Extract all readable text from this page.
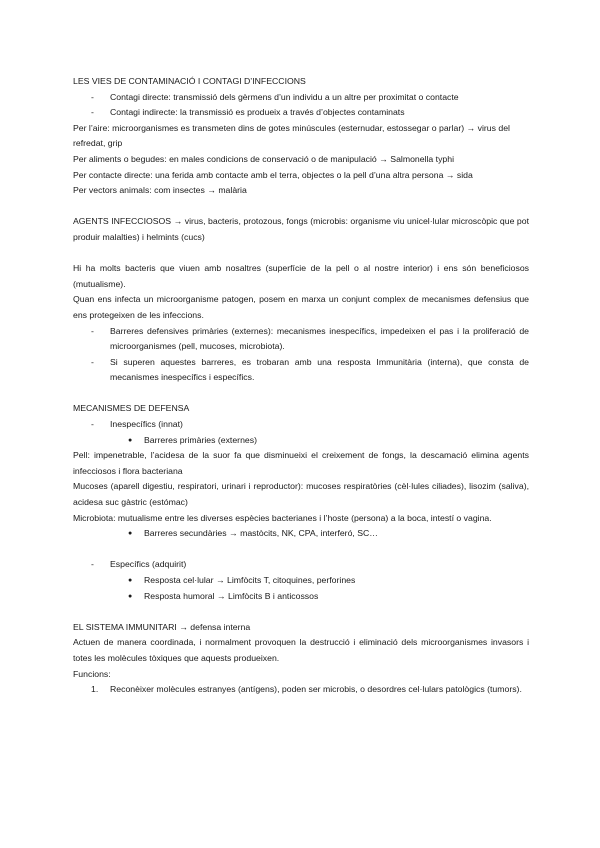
LES VIES DE CONTAMINACIÓ I CONTAGI D’INFECCIONS

-	Contagi directe: transmissió dels gèrmens d’un individu a un altre per proximitat o contacte
-	Contagi indirecte: la transmissió es produeix a través d’objectes contaminats

Per l’aire: microorganismes es transmeten dins de gotes minúscules (esternudar, estossegar o parlar) → virus del refredat, grip

Per aliments o begudes: en males condicions de conservació o de manipulació → Salmonella typhi

Per contacte directe: una ferida amb contacte amb el terra, objectes o la pell d’una altra persona → sida

Per vectors animals: com insectes → malària

AGENTS INFECCIOSOS → virus, bacteris, protozous, fongs (microbis: organisme viu unicel·lular microscòpic que pot produir malalties) i helmints (cucs)

Hi ha molts bacteris que viuen amb nosaltres (superfície de la pell o al nostre interior) i ens són beneficiosos (mutualisme).

Quan ens infecta un microorganisme patogen, posem en marxa un conjunt complex de mecanismes defensius que ens protegeixen de les infeccions.

-	Barreres defensives primàries (externes): mecanismes inespecífics, impedeixen el pas i la proliferació de microorganismes (pell, mucoses, microbiota).
-	Si superen aquestes barreres, es trobaran amb una resposta Immunitària (interna), que consta de mecanismes inespecífics i específics.

MECANISMES DE DEFENSA

-	Inespecífics (innat)
●	Barreres primàries (externes)

Pell: impenetrable, l’acidesa de la suor fa que disminueixi el creixement de fongs, la descamació elimina agents infecciosos i flora bacteriana

Mucoses (aparell digestiu, respiratori, urinari i reproductor): mucoses respiratòries (cèl·lules ciliades), lisozim (saliva), acidesa suc gàstric (estómac)

Microbiota: mutualisme entre les diverses espècies bacterianes i l’hoste (persona) a la boca, intestí o vagina.

●	Barreres secundàries → mastòcits, NK, CPA, interferó, SC…
-	Específics (adquirit)
●	Resposta cel·lular → Limfòcits T, citoquines, perforines
●	Resposta humoral → Limfòcits B i anticossos

EL SISTEMA IMMUNITARI → defensa interna

Actuen de manera coordinada, i normalment provoquen la destrucció i eliminació dels microorganismes invasors i totes les molècules tòxiques que aquests produeixen.

Funcions:

1.	Reconèixer molècules estranyes (antígens), poden ser microbis, o desordres cel·lulars patològics (tumors).
